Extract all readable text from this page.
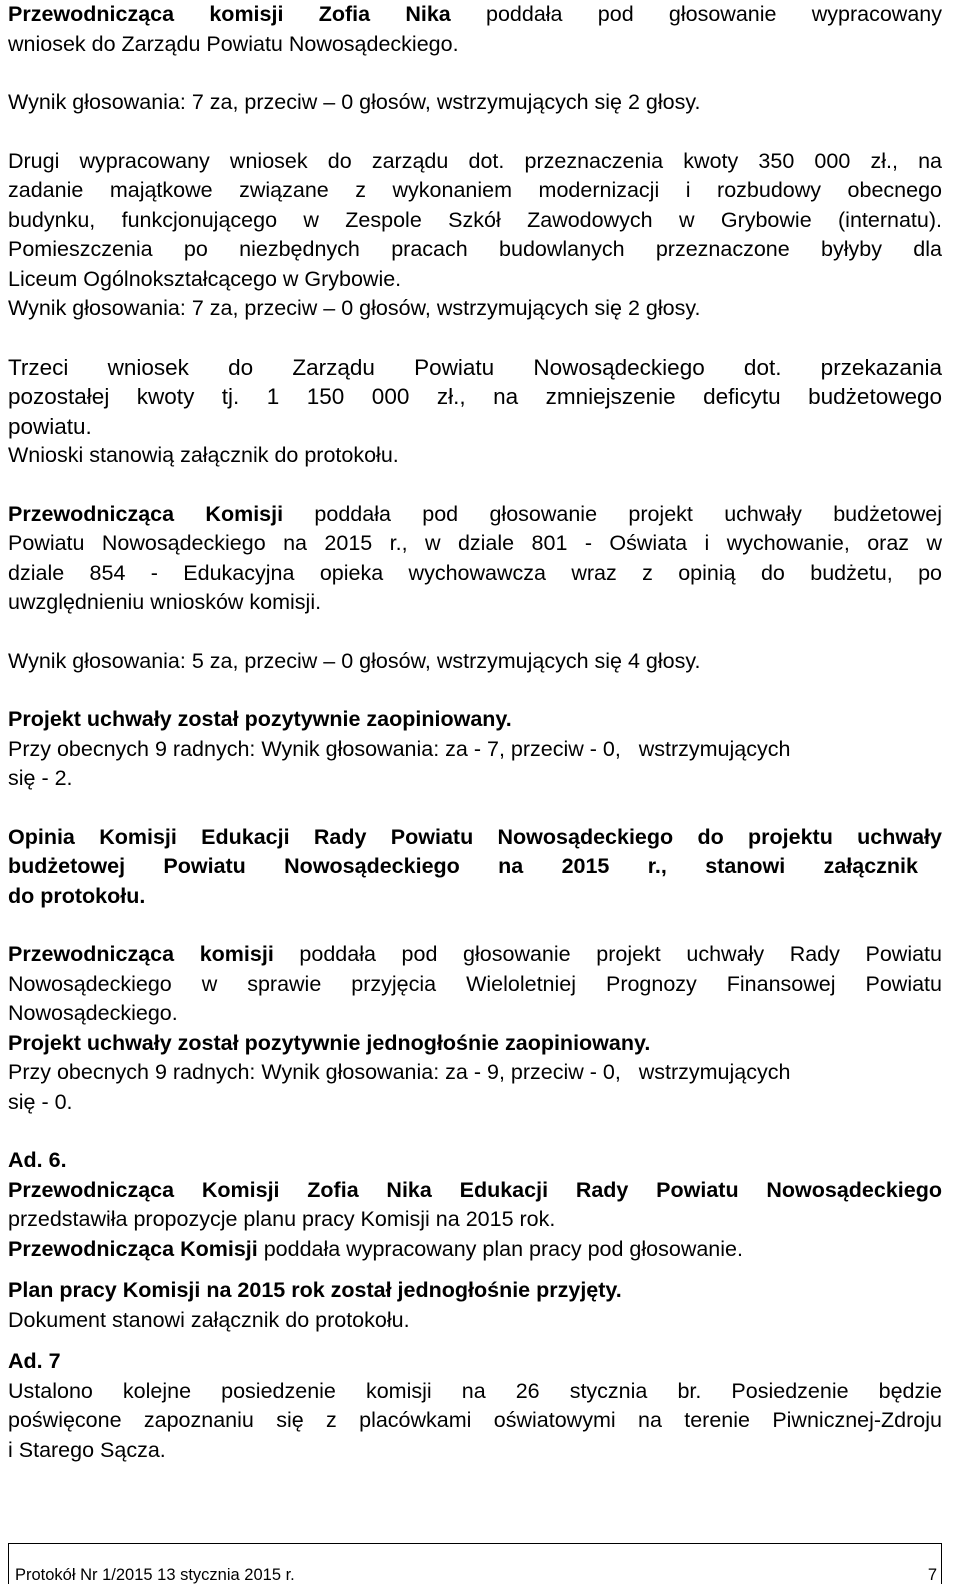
Przewodnicząca komisji Zofia Nika poddała pod głosowanie wypracowany

wniosek do Zarządu Powiatu Nowosądeckiego.

Wynik głosowania: 7 za, przeciw – 0 głosów, wstrzymujących się 2 głosy.

Drugi wypracowany wniosek do zarządu dot. przeznaczenia kwoty 350 000 zł., na

zadanie majątkowe związane z wykonaniem modernizacji i rozbudowy obecnego

budynku, funkcjonującego w Zespole Szkół Zawodowych w Grybowie (internatu).

Pomieszczenia po niezbędnych pracach budowlanych przeznaczone byłyby dla

Liceum Ogólnokształcącego w Grybowie.

Wynik głosowania: 7 za, przeciw – 0 głosów, wstrzymujących się 2 głosy.

Trzeci wniosek do Zarządu Powiatu Nowosądeckiego dot. przekazania

pozostałej kwoty tj. 1 150 000 zł., na zmniejszenie deficytu budżetowego

powiatu.

Wnioski stanowią załącznik do protokołu.

Przewodnicząca Komisji poddała pod głosowanie projekt uchwały budżetowej

Powiatu Nowosądeckiego na 2015 r., w dziale 801 - Oświata i wychowanie, oraz w

dziale 854 - Edukacyjna opieka wychowawcza wraz z opinią do budżetu, po

uwzględnieniu wniosków komisji.

Wynik głosowania: 5 za, przeciw – 0 głosów, wstrzymujących się 4 głosy.

Projekt uchwały został pozytywnie zaopiniowany.

Przy obecnych 9 radnych: Wynik głosowania: za - 7, przeciw - 0,   wstrzymujących

się - 2.

Opinia Komisji Edukacji Rady Powiatu Nowosądeckiego do projektu uchwały

budżetowej Powiatu Nowosądeckiego na 2015 r., stanowi załącznik

do protokołu.

Przewodnicząca komisji poddała pod głosowanie projekt uchwały Rady Powiatu

Nowosądeckiego w sprawie przyjęcia Wieloletniej Prognozy Finansowej Powiatu

Nowosądeckiego.

Projekt uchwały został pozytywnie jednogłośnie zaopiniowany.

Przy obecnych 9 radnych: Wynik głosowania: za - 9, przeciw - 0,   wstrzymujących

się - 0.

Ad. 6.

Przewodnicząca Komisji Zofia Nika Edukacji Rady Powiatu Nowosądeckiego

przedstawiła propozycje planu pracy Komisji na 2015 rok.

Przewodnicząca Komisji poddała wypracowany plan pracy pod głosowanie.

Plan pracy Komisji na 2015 rok został jednogłośnie przyjęty.

Dokument stanowi załącznik do protokołu.

Ad. 7

Ustalono kolejne posiedzenie komisji na 26 stycznia br. Posiedzenie będzie

poświęcone zapoznaniu się z placówkami oświatowymi na terenie Piwnicznej-Zdroju

i Starego Sącza.

Protokół Nr 1/2015 13 stycznia 2015 r.	7
